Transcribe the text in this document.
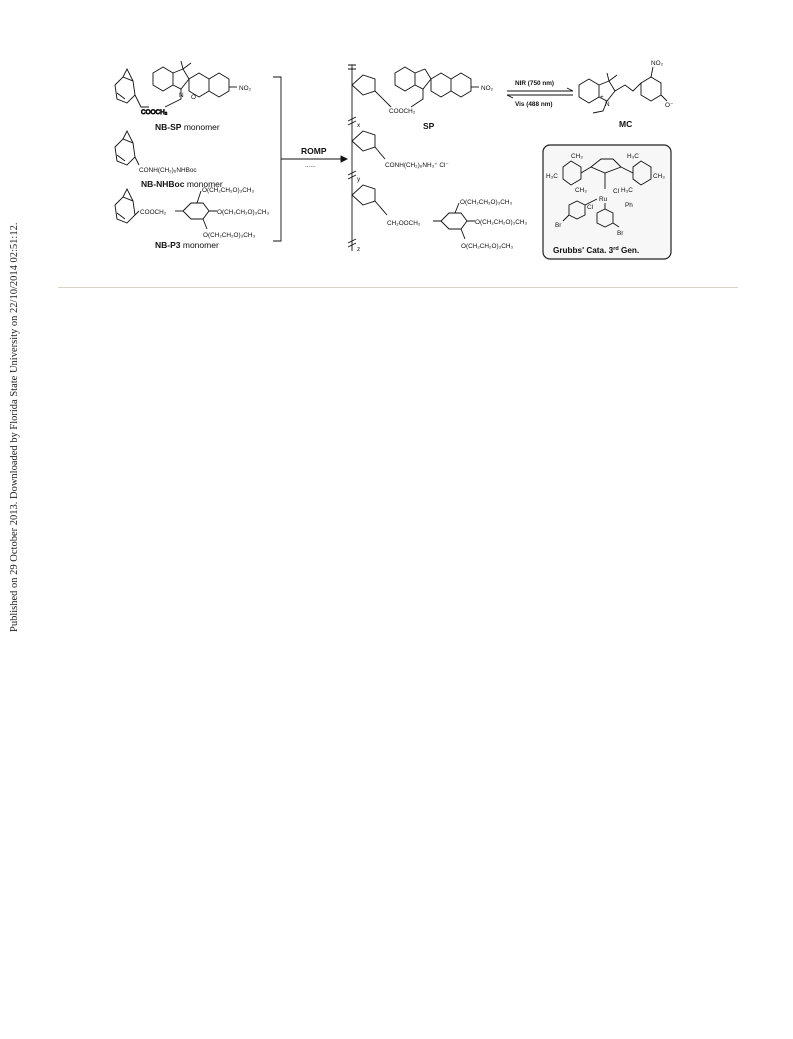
Published on 29 October 2013. Downloaded by Florida State University on 22/10/2014 02:51:12.
COOCH₂
N O
NO₂
NB-SP monomer
CONH(CH₂)₆NHBoc
NB-NHBoc monomer
COOCH₂
O(CH₂CH₂O)₃CH₃
O(CH₂CH₂O)₃CH₃
O(CH₂CH₂O)₃CH₃
NB-P3 monomer
ROMP
......
COOCH₂
NO₂
SP
x
CONH(CH₂)₆NH₃⁺ Cl⁻
y
CH₂OOCH₂
O(CH₂CH₂O)₃CH₃
O(CH₂CH₂O)₃CH₃
O(CH₂CH₂O)₃CH₃
z
NIR (750 nm)
Vis (488 nm)	N
+
O⁻
NO₂
MC
CH₃	H₃C
H₃C	CH₃
CH₃	H₃C
Ru
Cl
Cl	Ph
Br
Br
Grubbs' Cata. 3rd Gen.
